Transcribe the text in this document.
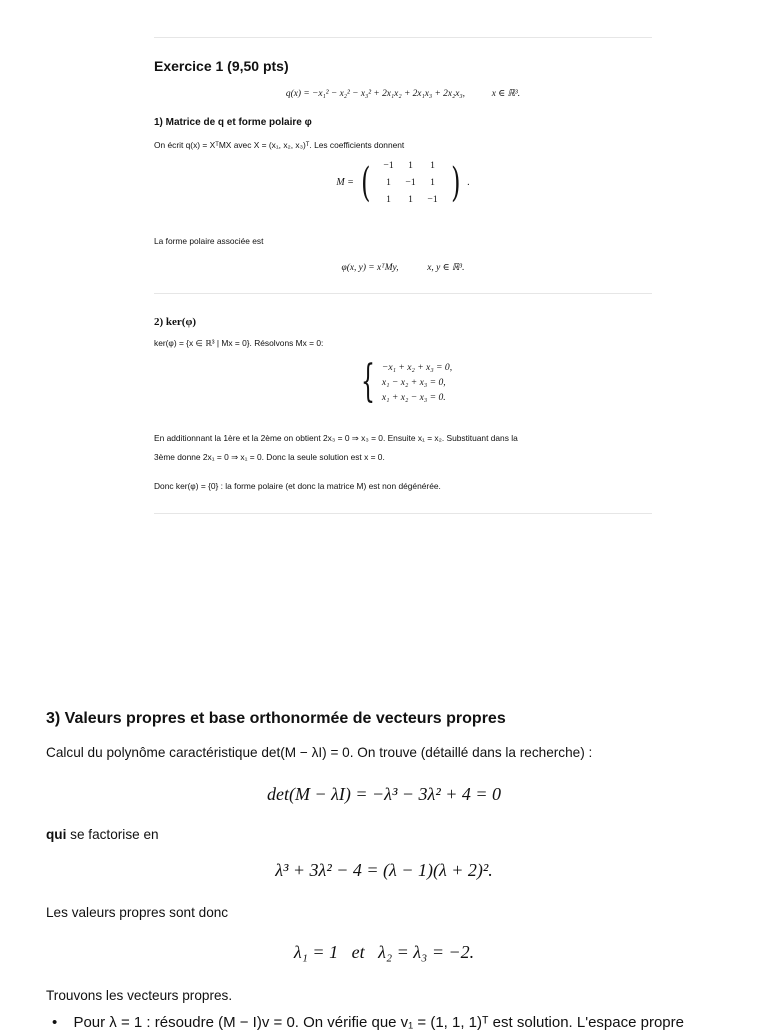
Exercice 1 (9,50 pts)
q(x) = −x₁² − x₂² − x₃² + 2x₁x₂ + 2x₁x₃ + 2x₂x₃,	x ∈ ℝ³.
1) Matrice de q et forme polaire φ
On écrit q(x) = XᵀMX avec X = (x₁, x₂, x₃)ᵀ. Les coefficients donnent
M = (	−1	1	1
1	−1	1
1	1	−1 ) .
La forme polaire associée est
φ(x, y) = xᵀMy,	x, y ∈ ℝ³.
2) ker(φ)
ker(φ) = {x ∈ ℝ³ | Mx = 0}. Résolvons Mx = 0:
{ −x₁ + x₂ + x₃ = 0,
x₁ − x₂ + x₃ = 0,
x₁ + x₂ − x₃ = 0.
En additionnant la 1ère et la 2ème on obtient 2x₃ = 0 ⇒ x₃ = 0. Ensuite x₁ = x₂. Substituant dans la
3ème donne 2x₁ = 0 ⇒ x₁ = 0. Donc la seule solution est x = 0.
Donc ker(φ) = {0} : la forme polaire (et donc la matrice M) est non dégénérée.
3) Valeurs propres et base orthonormée de vecteurs propres
Calcul du polynôme caractéristique det(M − λI) = 0. On trouve (détaillé dans la recherche) :
det(M − λI) = −λ³ − 3λ² + 4 = 0
qui se factorise en
λ³ + 3λ² − 4 = (λ − 1)(λ + 2)².
Les valeurs propres sont donc
λ₁ = 1   et   λ₂ = λ₃ = −2.
Trouvons les vecteurs propres.
• Pour λ = 1 : résoudre (M − I)v = 0. On vérifie que v₁ = (1, 1, 1)ᵀ est solution. L'espace propre
